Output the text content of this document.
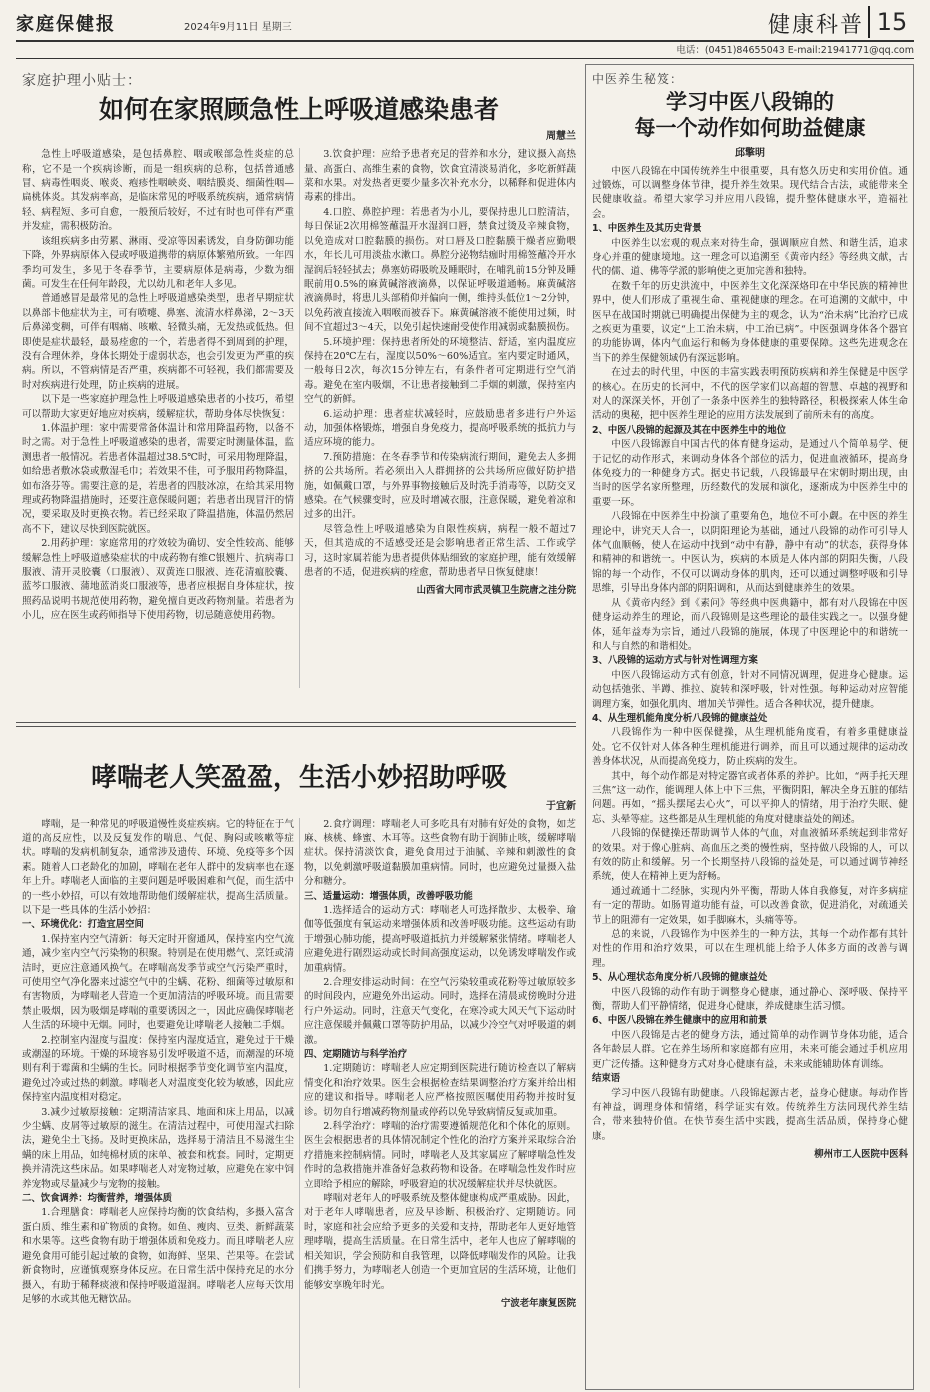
家庭保健报	2024年9月11日 星期三	健康科普 15
电话：(0451)84655043 E-mail:21941771@qq.com
家庭护理小贴士：
如何在家照顾急性上呼吸道感染患者
周慧兰

急性上呼吸道感染，是包括鼻腔、咽或喉部急性炎症的总称，它不是一个疾病诊断，而是一组疾病的总称，包括普通感冒、病毒性咽炎、喉炎、疱疹性咽峡炎、咽结膜炎、细菌性咽—扁桃体炎。其发病率高，是临床常见的呼吸系统疾病，通常病情轻、病程短、多可自愈，一般预后较好，不过有时也可伴有严重并发症，需积极防治。

该组疾病多由劳累、淋雨、受凉等因素诱发，自身防御功能下降，外界病原体入侵或呼吸道携带的病原体繁殖所致。一年四季均可发生，多见于冬春季节，主要病原体是病毒，少数为细菌。可发生在任何年龄段，尤以幼儿和老年人多见。

普通感冒是最常见的急性上呼吸道感染类型，患者早期症状以鼻部卡他症状为主，可有喷嚏、鼻塞、流清水样鼻涕，2～3天后鼻涕变稠，可伴有咽痛、咳嗽、轻微头痛，无发热或低热。但即使是症状最轻，最易痊愈的一个，若患者得不到周到的护理，没有合理休养，身体长期处于虚弱状态，也会引发更为严重的疾病。所以，不管病情是否严重，疾病都不可轻视，我们都需要及时对疾病进行处理，防止疾病的进展。

以下是一些家庭护理急性上呼吸道感染患者的小技巧，希望可以帮助大家更好地应对疾病，缓解症状，帮助身体尽快恢复：

1.体温护理：家中需要常备体温计和常用降温药物，以备不时之需。对于急性上呼吸道感染的患者，需要定时测量体温，监测患者一般情况。若患者体温超过38.5℃时，可采用物理降温，如给患者敷冰袋或敷湿毛巾；若效果不佳，可予服用药物降温，如布洛芬等。需要注意的是，若患者的四肢冰凉，在给其采用物理或药物降温措施时，还要注意保暖问题；若患者出现冒汗的情况，要采取及时更换衣物。若已经采取了降温措施，体温仍然居高不下，建议尽快到医院就医。

2.用药护理：家庭常用的疗效较为确切、安全性较高、能够缓解急性上呼吸道感染症状的中成药物有维C银翘片、抗病毒口服液、清开灵胶囊（口服液）、双黄连口服液、连花清瘟胶囊、蓝芩口服液、蒲地蓝消炎口服液等，患者应根据自身体症状，按照药品说明书规范使用药物，避免擅自更改药物剂量。若患者为小儿，应在医生或药师指导下使用药物，切忌随意使用药物。

3.饮食护理：应给予患者充足的营养和水分，建议摄入高热量、高蛋白、高维生素的食物，饮食宜清淡易消化，多吃新鲜蔬菜和水果。对发热者更要少量多次补充水分，以稀释和促进体内毒素的排出。

4.口腔、鼻腔护理：若患者为小儿，要保持患儿口腔清洁，每日保证2次用棉签蘸温开水湿润口唇，禁食过烫及辛辣食物，以免造成对口腔黏膜的损伤。对口唇及口腔黏膜干燥者应勤喂水，年长儿可用淡盐水漱口。鼻腔分泌物结痂时用棉签蘸冷开水湿润后轻轻拭去；鼻塞妨碍吸吮及睡眠时，在哺乳前15分钟及睡眠前用0.5%的麻黄碱溶液滴鼻，以保证呼吸道通畅。麻黄碱溶液滴鼻时，将患儿头部稍仰并偏向一侧，维持头低位1～2分钟，以免药液直接流入咽喉而被吞下。麻黄碱溶液不能使用过频，时间不宜超过3～4天，以免引起快速耐受使作用减弱或黏膜损伤。

5.环境护理：保持患者所处的环境整洁、舒适，室内温度应保持在20℃左右，湿度以50%～60%适宜。室内要定时通风，一般每日2次，每次15分钟左右，有条件者可定期进行空气消毒。避免在室内吸烟，不让患者接触到二手烟的刺激，保持室内空气的新鲜。

6.运动护理：患者症状减轻时，应鼓励患者多进行户外运动，加强体格锻炼，增强自身免疫力，提高呼吸系统的抵抗力与适应环境的能力。

7.预防措施：在冬春季节和传染病流行期间，避免去人多拥挤的公共场所。若必须出入人群拥挤的公共场所应做好防护措施，如佩戴口罩，与外界事物接触后及时洗手消毒等，以防交叉感染。在气候骤变时，应及时增减衣服，注意保暖，避免着凉和过多的出汗。

尽管急性上呼吸道感染为自限性疾病，病程一般不超过7天，但其造成的不适感受还是会影响患者正常生活、工作或学习，这时家属若能为患者提供体贴细致的家庭护理，能有效缓解患者的不适，促进疾病的痊愈，帮助患者早日恢复健康！

山西省大同市武灵镇卫生院唐之洼分院
哮喘老人笑盈盈，生活小妙招助呼吸
于宜新

哮喘，是一种常见的呼吸道慢性炎症疾病。它的特征在于气道的高反应性，以及反复发作的喘息、气促、胸闷或咳嗽等症状。哮喘的发病机制复杂，通常涉及遗传、环境、免疫等多个因素。随着人口老龄化的加剧，哮喘在老年人群中的发病率也在逐年上升。哮喘老人面临的主要问题是呼吸困难和气促，而生活中的一些小妙招，可以有效地帮助他们缓解症状，提高生活质量。以下是一些具体的生活小妙招：

一、环境优化：打造宜居空间

1.保持室内空气清新：每天定时开窗通风，保持室内空气流通，减少室内空气污染物的积聚。特别是在使用燃气、烹饪或清洁时，更应注意通风换气。在哮喘高发季节或空气污染严重时，可使用空气净化器来过滤空气中的尘螨、花粉、细菌等过敏原和有害物质，为哮喘老人营造一个更加清洁的呼吸环境。而且需要禁止吸烟，因为吸烟是哮喘的重要诱因之一，因此应确保哮喘老人生活的环境中无烟。同时，也要避免让哮喘老人接触二手烟。

2.控制室内湿度与温度：保持室内湿度适宜，避免过于干燥或潮湿的环境。干燥的环境容易引发呼吸道不适，而潮湿的环境则有利于霉菌和尘螨的生长。同时根据季节变化调节室内温度，避免过冷或过热的刺激。哮喘老人对温度变化较为敏感，因此应保持室内温度相对稳定。

3.减少过敏原接触：定期清洁家具、地面和床上用品，以减少尘螨、皮屑等过敏原的滋生。在清洁过程中，可使用湿式扫除法，避免尘土飞扬。及时更换床品，选择易于清洁且不易滋生尘螨的床上用品，如纯棉材质的床单、被套和枕套。同时，定期更换并清洗这些床品。如果哮喘老人对宠物过敏，应避免在家中饲养宠物或尽量减少与宠物的接触。

二、饮食调养：均衡营养，增强体质

1.合理膳食：哮喘老人应保持均衡的饮食结构，多摄入富含蛋白质、维生素和矿物质的食物。如鱼、瘦肉、豆类、新鲜蔬菜和水果等。这些食物有助于增强体质和免疫力。而且哮喘老人应避免食用可能引起过敏的食物，如海鲜、坚果、芒果等。在尝试新食物时，应谨慎观察身体反应。在日常生活中保持充足的水分摄入，有助于稀释痰液和保持呼吸道湿润。哮喘老人应每天饮用足够的水或其他无糖饮品。

2.食疗调理：哮喘老人可多吃具有对肺有好处的食物，如芝麻、核桃、蜂蜜、木耳等。这些食物有助于润肺止咳，缓解哮喘症状。保持清淡饮食，避免食用过于油腻、辛辣和刺激性的食物，以免刺激呼吸道黏膜加重病情。同时，也应避免过量摄入盐分和糖分。

三、适量运动：增强体质，改善呼吸功能

1.选择适合的运动方式：哮喘老人可选择散步、太极拳、瑜伽等低强度有氧运动来增强体质和改善呼吸功能。这些运动有助于增强心肺功能，提高呼吸道抵抗力并缓解紧张情绪。哮喘老人应避免进行剧烈运动或长时间高强度运动，以免诱发哮喘发作或加重病情。

2.合理安排运动时间：在空气污染较重或花粉等过敏原较多的时间段内，应避免外出运动。同时，选择在清晨或傍晚时分进行户外运动。同时，注意天气变化，在寒冷或大风天气下运动时应注意保暖并佩戴口罩等防护用品，以减少冷空气对呼吸道的刺激。

四、定期随访与科学治疗

1.定期随访：哮喘老人应定期到医院进行随访检查以了解病情变化和治疗效果。医生会根据检查结果调整治疗方案并给出相应的建议和指导。哮喘老人应严格按照医嘱使用药物并按时复诊。切勿自行增减药物剂量或停药以免导致病情反复或加重。

2.科学治疗：哮喘的治疗需要遵循规范化和个体化的原则。医生会根据患者的具体情况制定个性化的治疗方案并采取综合治疗措施来控制病情。同时，哮喘老人及其家属应了解哮喘急性发作时的急救措施并准备好急救药物和设备。在哮喘急性发作时应立即给予相应的解除，呼吸窘迫的状况缓解症状并尽快就医。

哮喘对老年人的呼吸系统及整体健康构成严重威胁。因此，对于老年人哮喘患者，应及早诊断、积极治疗、定期随访。同时，家庭和社会应给予更多的关爱和支持，帮助老年人更好地管理哮喘，提高生活质量。在日常生活中，老年人也应了解哮喘的相关知识，学会预防和自我管理，以降低哮喘发作的风险。让我们携手努力，为哮喘老人创造一个更加宜居的生活环境，让他们能够安享晚年时光。

宁波老年康复医院
中医养生秘笈：
学习中医八段锦的
每一个动作如何助益健康
邱擎明

中医八段锦在中国传统养生中很重要，具有悠久历史和实用价值。通过锻炼，可以调整身体节律，提升养生效果。现代结合古法，或能带来全民健康收益。希望大家学习并应用八段锦，提升整体健康水平，造福社会。

1、中医养生及其历史背景

中医养生以宏观的观点来对待生命，强调顺应自然、和谐生活，追求身心并重的健康境地。这一理念可以追溯至《黄帝内经》等经典文献，古代的儒、道、佛等学派的影响使之更加完善和独特。

在数千年的历史洪流中，中医养生文化深深烙印在中华民族的精神世界中，使人们形成了重视生命、重视健康的理念。在可追溯的文献中，中医早在战国时期就已明确提出保健为主的观念，认为“治未病”比治疗已成之疾更为重要，议定“上工治未病，中工治已病”。中医强调身体各个器官的功能协调，体内气血运行和畅为身体健康的重要保障。这些先进观念在当下的养生保健领域仍有深远影响。

在过去的时代里，中医的丰富实践表明预防疾病和养生保健是中医学的核心。在历史的长河中，不代的医学家们以高超的智慧、卓越的视野和对人的深深关怀，开创了一条条中医养生的独特路径，积极探索人体生命活动的奥秘，把中医养生理论的应用方法发展到了前所未有的高度。

2、中医八段锦的起源及其在中医养生中的地位

中医八段锦源自中国古代的体育健身运动，是通过八个简单易学、便于记忆的动作形式，来调动身体各个部位的活力，促进血液循环，提高身体免疫力的一种健身方式。据史书记载，八段锦最早在宋朝时期出现，由当时的医学名家所整理，历经数代的发展和演化，逐渐成为中医养生中的重要一环。

八段锦在中医养生中扮演了重要角色，地位不可小觑。在中医的养生理论中，讲究天人合一，以阴阳理论为基础，通过八段锦的动作可引导人体气血顺畅，使人在运动中找到“动中有静，静中有动”的状态，获得身体和精神的和谐统一。中医认为，疾病的本质是人体内部的阴阳失衡，八段锦的每一个动作，不仅可以调动身体的肌肉，还可以通过调整呼吸和引导思维，引导出身体内部的阴阳调和，从而达到健康养生的效果。

从《黄帝内经》到《素问》等经典中医典籍中，都有对八段锦在中医健身运动养生的理论，而八段锦则是这些理论的最佳实践之一。以强身健体，延年益寿为宗旨，通过八段锦的施展，体现了中医理论中的和谐统一和人与自然的和谐相处。

3、八段锦的运动方式与针对性调理方案

中医八段锦运动方式有创意，针对不同情况调理，促进身心健康。运动包括弛张、半蹲、推拉、旋转和深呼吸，针对性强。每种运动对应智能调理方案，如强化肌肉、增加关节弹性。适合各种状况，提升健康。

4、从生理机能角度分析八段锦的健康益处

八段锦作为一种中医保健操，从生理机能角度看，有着多重健康益处。它不仅针对人体各种生理机能进行调养，而且可以通过规律的运动改善身体状况，从而提高免疫力，防止疾病的发生。

其中，每个动作都是对特定器官或者体系的养护。比如，“两手托天理三焦”这一动作，能调理人体上中下三焦，平衡阴阳，解决全身五脏的郁结问题。再如，“摇头摆尾去心火”，可以平抑人的情绪，用于治疗失眠、健忘、头晕等症。这些都是从生理机能的角度对健康益处的阐述。

八段锦的保健操还帮助调节人体的气血，对血液循环系统起到非常好的效果。对于像心脏病、高血压之类的慢性病，坚持做八段锦的人，可以有效的防止和缓解。另一个长期坚持八段锦的益处是，可以通过调节神经系统，使人在精神上更为舒畅。

通过疏通十二经脉，实现内外平衡，帮助人体自我修复，对许多病症有一定的帮助。如肠胃道功能有益，可以改善食欲，促进消化，对疏通关节上的阻滞有一定效果，如手脚麻木，头痛等等。

总的来说，八段锦作为中医养生的一种方法，其每一个动作都有其针对性的作用和治疗效果，可以在生理机能上给予人体多方面的改善与调理。

5、从心理状态角度分析八段锦的健康益处

中医八段锦的动作有助于调整身心健康，通过静心、深呼吸、保持平衡，帮助人们平静情绪，促进身心健康，养成健康生活习惯。

6、中医八段锦在养生健康中的应用和前景

中医八段锦是古老的健身方法，通过简单的动作调节身体功能，适合各年龄层人群。它在养生场所和家庭都有应用，未来可能会通过手机应用更广泛传播。这种健身方式对身心健康有益，未来或能辅助体育训练。

结束语

学习中医八段锦有助健康。八段锦起源古老，益身心健康。每动作皆有神益，调理身体和情绪，科学证实有效。传统养生方法同现代养生结合，带来独特价值。在快节奏生活中实践，提高生活品质，保持身心健康。

柳州市工人医院中医科
